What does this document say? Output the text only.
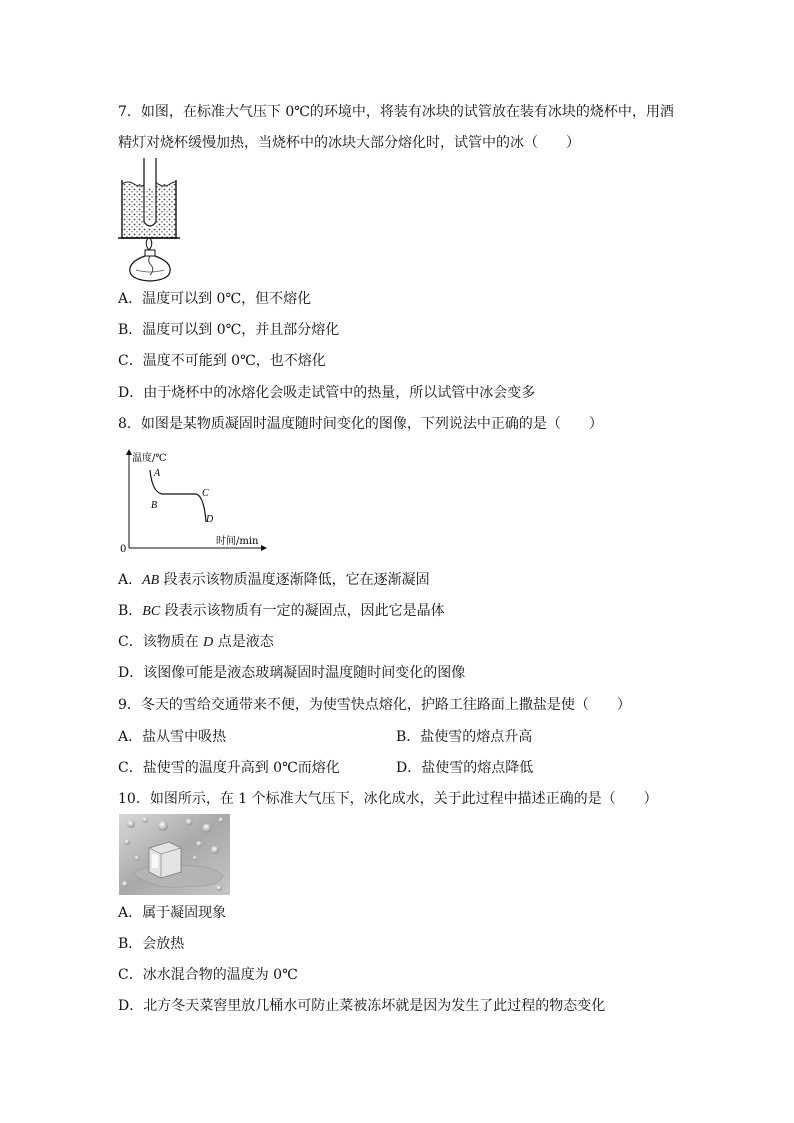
7．如图，在标准大气压下 0℃的环境中，将装有冰块的试管放在装有冰块的烧杯中，用酒
精灯对烧杯缓慢加热，当烧杯中的冰块大部分熔化时，试管中的冰（　　）
A．温度可以到 0℃，但不熔化
B．温度可以到 0℃，并且部分熔化
C．温度不可能到 0℃，也不熔化
D．由于烧杯中的冰熔化会吸走试管中的热量，所以试管中冰会变多
8．如图是某物质凝固时温度随时间变化的图像，下列说法中正确的是（　　）
温度/℃
时间/min
0
A
B
C
D
A．AB 段表示该物质温度逐渐降低，它在逐渐凝固
B．BC 段表示该物质有一定的凝固点，因此它是晶体
C．该物质在 D 点是液态
D．该图像可能是液态玻璃凝固时温度随时间变化的图像
9．冬天的雪给交通带来不便，为使雪快点熔化，护路工往路面上撒盐是使（　　）
A．盐从雪中吸热	B．盐使雪的熔点升高
C．盐使雪的温度升高到 0℃而熔化	D．盐使雪的熔点降低
10．如图所示，在 1 个标准大气压下，冰化成水，关于此过程中描述正确的是（　　）
A．属于凝固现象
B．会放热
C．冰水混合物的温度为 0℃
D．北方冬天菜窖里放几桶水可防止菜被冻坏就是因为发生了此过程的物态变化
